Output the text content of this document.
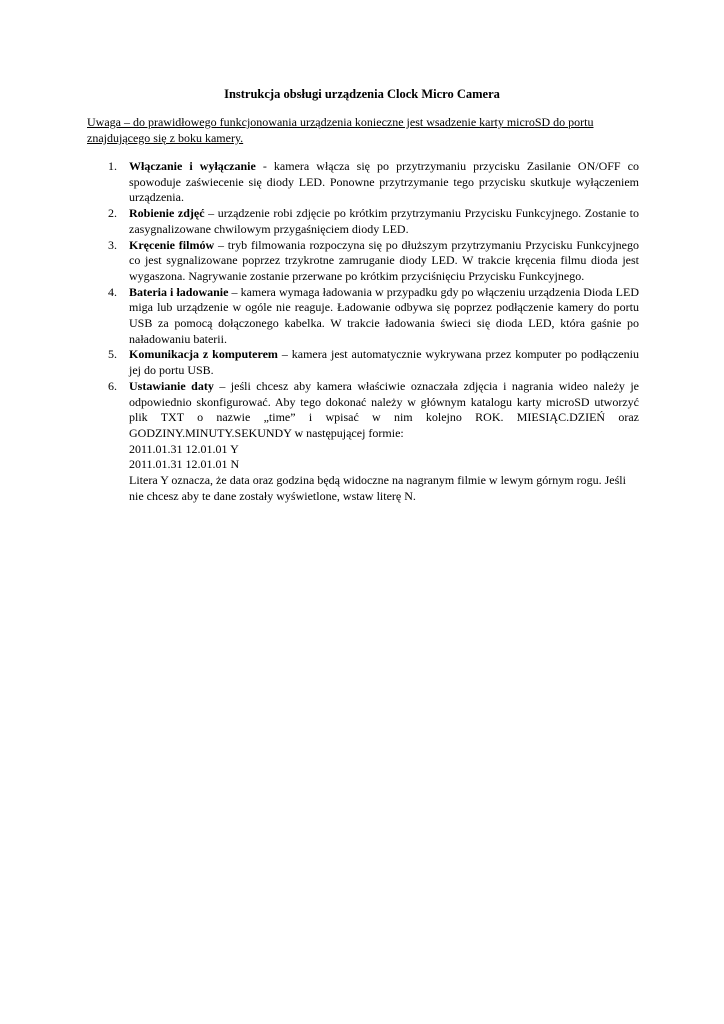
Instrukcja obsługi urządzenia Clock Micro Camera

Uwaga – do prawidłowego funkcjonowania urządzenia konieczne jest wsadzenie karty microSD do portu znajdującego się z boku kamery.

1. Włączanie i wyłączanie - kamera włącza się po przytrzymaniu przycisku Zasilanie ON/OFF co spowoduje zaświecenie się diody LED. Ponowne przytrzymanie tego przycisku skutkuje wyłączeniem urządzenia.
2. Robienie zdjęć – urządzenie robi zdjęcie po krótkim przytrzymaniu Przycisku Funkcyjnego. Zostanie to zasygnalizowane chwilowym przygaśnięciem diody LED.
3. Kręcenie filmów – tryb filmowania rozpoczyna się po dłuższym przytrzymaniu Przycisku Funkcyjnego co jest sygnalizowane poprzez trzykrotne zamruganie diody LED. W trakcie kręcenia filmu dioda jest wygaszona. Nagrywanie zostanie przerwane po krótkim przyciśnięciu Przycisku Funkcyjnego.
4. Bateria i ładowanie – kamera wymaga ładowania w przypadku gdy po włączeniu urządzenia Dioda LED miga lub urządzenie w ogóle nie reaguje. Ładowanie odbywa się poprzez podłączenie kamery do portu USB za pomocą dołączonego kabelka. W trakcie ładowania świeci się dioda LED, która gaśnie po naładowaniu baterii.
5. Komunikacja z komputerem – kamera jest automatycznie wykrywana przez komputer po podłączeniu jej do portu USB.
6. Ustawianie daty – jeśli chcesz aby kamera właściwie oznaczała zdjęcia i nagrania wideo należy je odpowiednio skonfigurować. Aby tego dokonać należy w głównym katalogu karty microSD utworzyć plik TXT o nazwie „time” i wpisać w nim kolejno ROK. MIESIĄC.DZIEŃ oraz GODZINY.MINUTY.SEKUNDY w następującej formie:
2011.01.31 12.01.01 Y
2011.01.31 12.01.01 N
Litera Y oznacza, że data oraz godzina będą widoczne na nagranym filmie w lewym górnym rogu. Jeśli nie chcesz aby te dane zostały wyświetlone, wstaw literę N.
